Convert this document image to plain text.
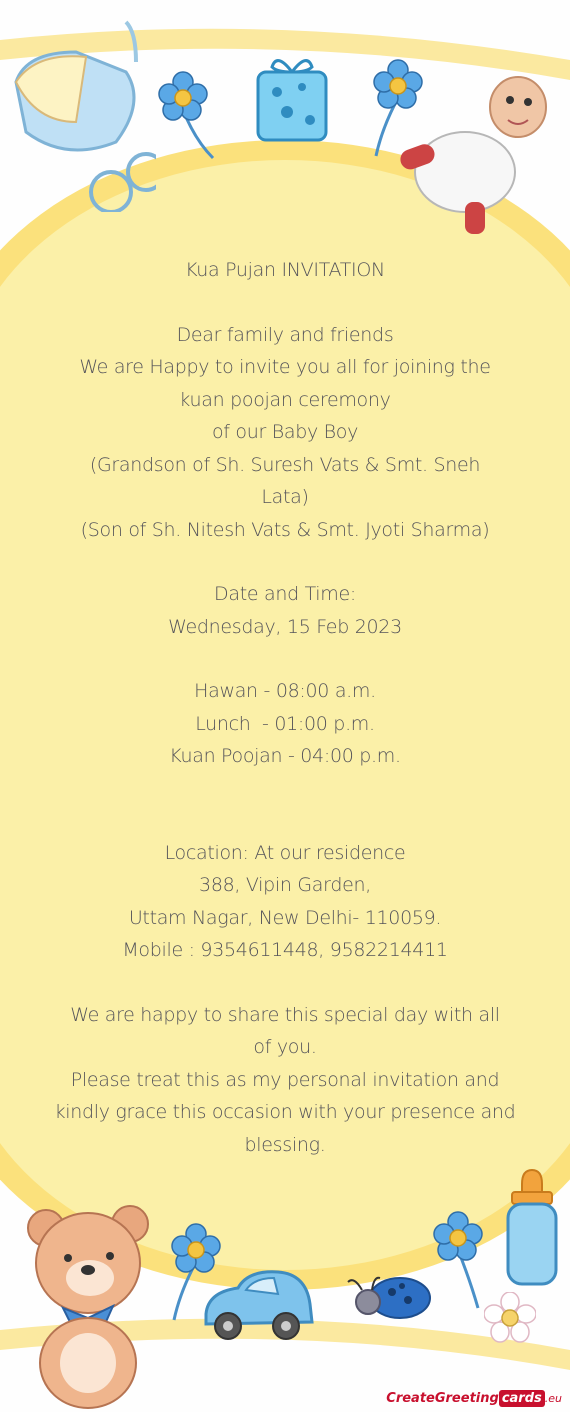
Kua Pujan INVITATION

Dear family and friends

We are Happy to invite you all for joining the

kuan poojan ceremony

of our Baby Boy

(Grandson of Sh. Suresh Vats & Smt. Sneh

Lata)

(Son of Sh. Nitesh Vats & Smt. Jyoti Sharma)

Date and Time:

Wednesday, 15 Feb 2023

Hawan - 08:00 a.m.

Lunch  - 01:00 p.m.

Kuan Poojan - 04:00 p.m.

Location: At our residence

388, Vipin Garden,

Uttam Nagar, New Delhi- 110059.

Mobile : 9354611448, 9582214411

We are happy to share this special day with all

of you.

Please treat this as my personal invitation and

kindly grace this occasion with your presence and

blessing.

CreateGreeting cards .eu
